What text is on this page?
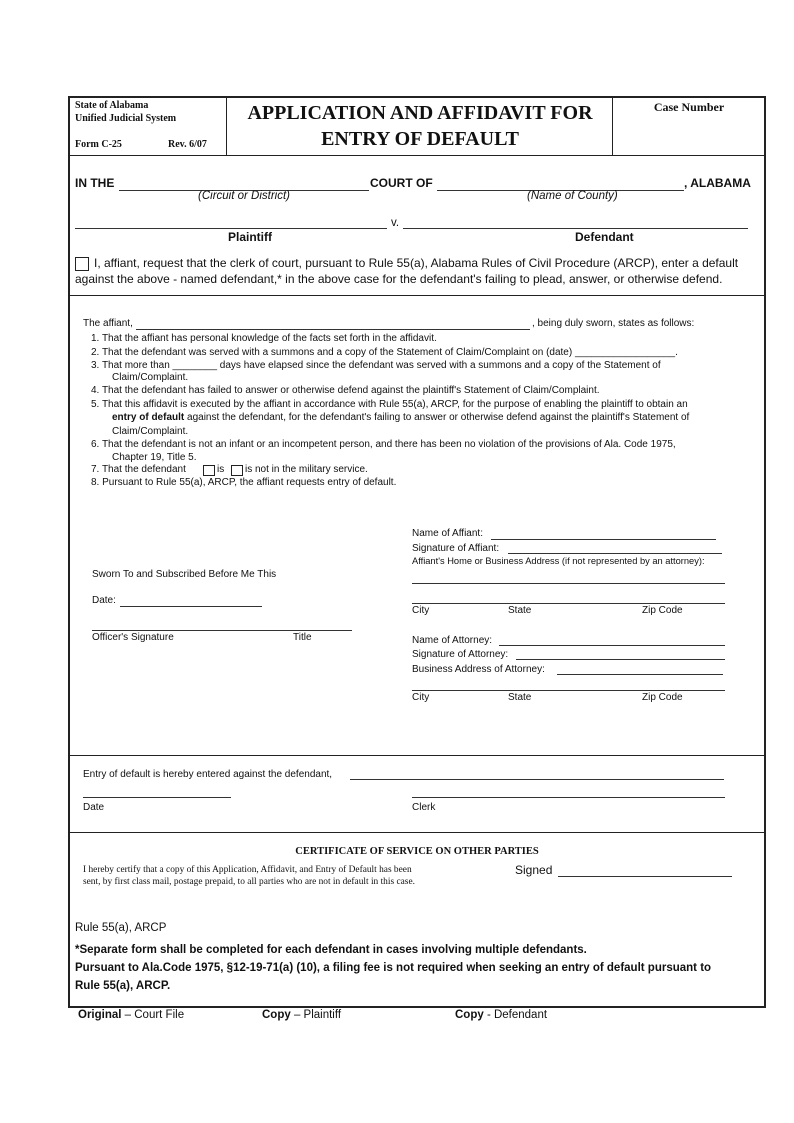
State of Alabama
Unified Judicial System
Form C-25	Rev. 6/07
APPLICATION AND AFFIDAVIT FOR
ENTRY OF DEFAULT
Case Number
IN THE	COURT OF	, ALABAMA
(Circuit or District)	(Name of County)
v.
Plaintiff	Defendant
I, affiant, request that the clerk of court, pursuant to Rule 55(a), Alabama Rules of Civil Procedure (ARCP), enter a default
against the above - named defendant,* in the above case for the defendant's failing to plead, answer, or otherwise defend.
The affiant,	, being duly sworn, states as follows:
1. That the affiant has personal knowledge of the facts set forth in the affidavit.
2. That the defendant was served with a summons and a copy of the Statement of Claim/Complaint on (date) __________________.
3. That more than ________ days have elapsed since the defendant was served with a summons and a copy of the Statement of
Claim/Complaint.
4. That the defendant has failed to answer or otherwise defend against the plaintiff's Statement of Claim/Complaint.
5. That this affidavit is executed by the affiant in accordance with Rule 55(a), ARCP, for the purpose of enabling the plaintiff to obtain an
entry of default against the defendant, for the defendant's failing to answer or otherwise defend against the plaintiff's Statement of
Claim/Complaint.
6. That the defendant is not an infant or an incompetent person, and there has been no violation of the provisions of Ala. Code 1975,
Chapter 19, Title 5.
7. That the defendant	is is not in the military service.
8. Pursuant to Rule 55(a), ARCP, the affiant requests entry of default.
Name of Affiant:
Signature of Affiant:
Affiant's Home or Business Address (if not represented by an attorney):
City	State	Zip Code
Sworn To and Subscribed Before Me This
Date:
Officer's Signature	Title	Name of Attorney:
Signature of Attorney:
Business Address of Attorney:
City	State	Zip Code
Entry of default is hereby entered against the defendant,
Date	Clerk
CERTIFICATE OF SERVICE ON OTHER PARTIES
I hereby certify that a copy of this Application, Affidavit, and Entry of Default has been
sent, by first class mail, postage prepaid, to all parties who are not in default in this case.
Signed
Rule 55(a), ARCP
*Separate form shall be completed for each defendant in cases involving multiple defendants.
Pursuant to Ala.Code 1975, §12-19-71(a) (10), a filing fee is not required when seeking an entry of default pursuant to
Rule 55(a), ARCP.
Original – Court File	Copy – Plaintiff	Copy - Defendant
